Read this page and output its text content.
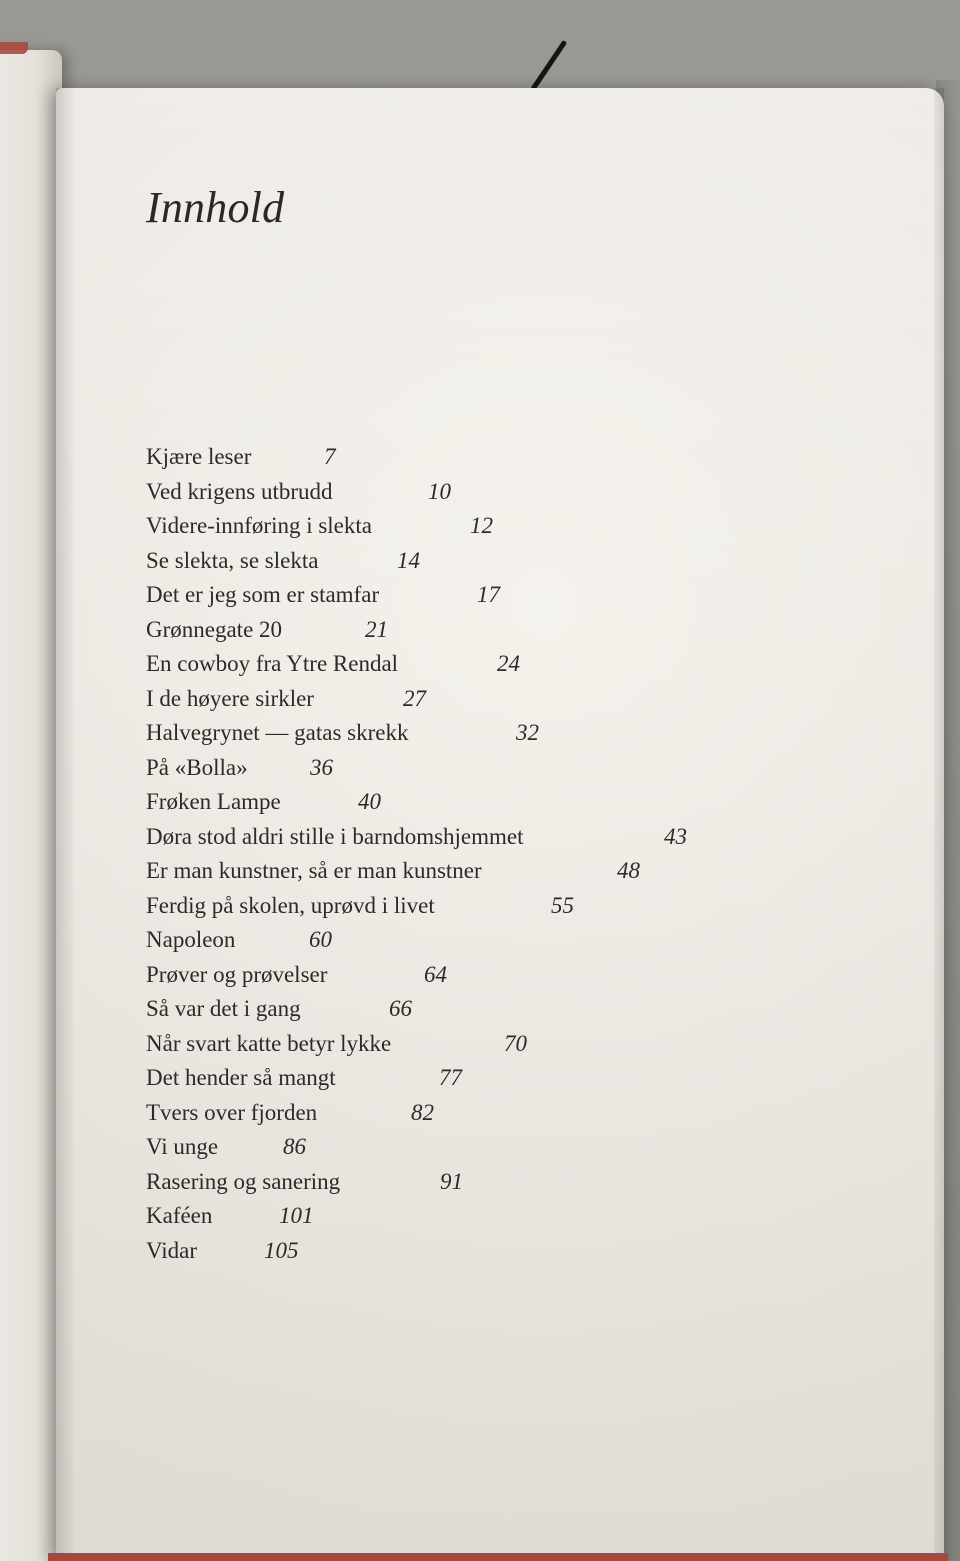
Innhold
Kjære leser	7
Ved krigens utbrudd	10
Videre-innføring i slekta	12
Se slekta, se slekta	14
Det er jeg som er stamfar	17
Grønnegate 20	21
En cowboy fra Ytre Rendal	24
I de høyere sirkler	27
Halvegrynet — gatas skrekk	32
På «Bolla»	36
Frøken Lampe	40
Døra stod aldri stille i barndomshjemmet	43
Er man kunstner, så er man kunstner	48
Ferdig på skolen, uprøvd i livet	55
Napoleon	60
Prøver og prøvelser	64
Så var det i gang	66
Når svart katte betyr lykke	70
Det hender så mangt	77
Tvers over fjorden	82
Vi unge	86
Rasering og sanering	91
Kaféen	101
Vidar	105
